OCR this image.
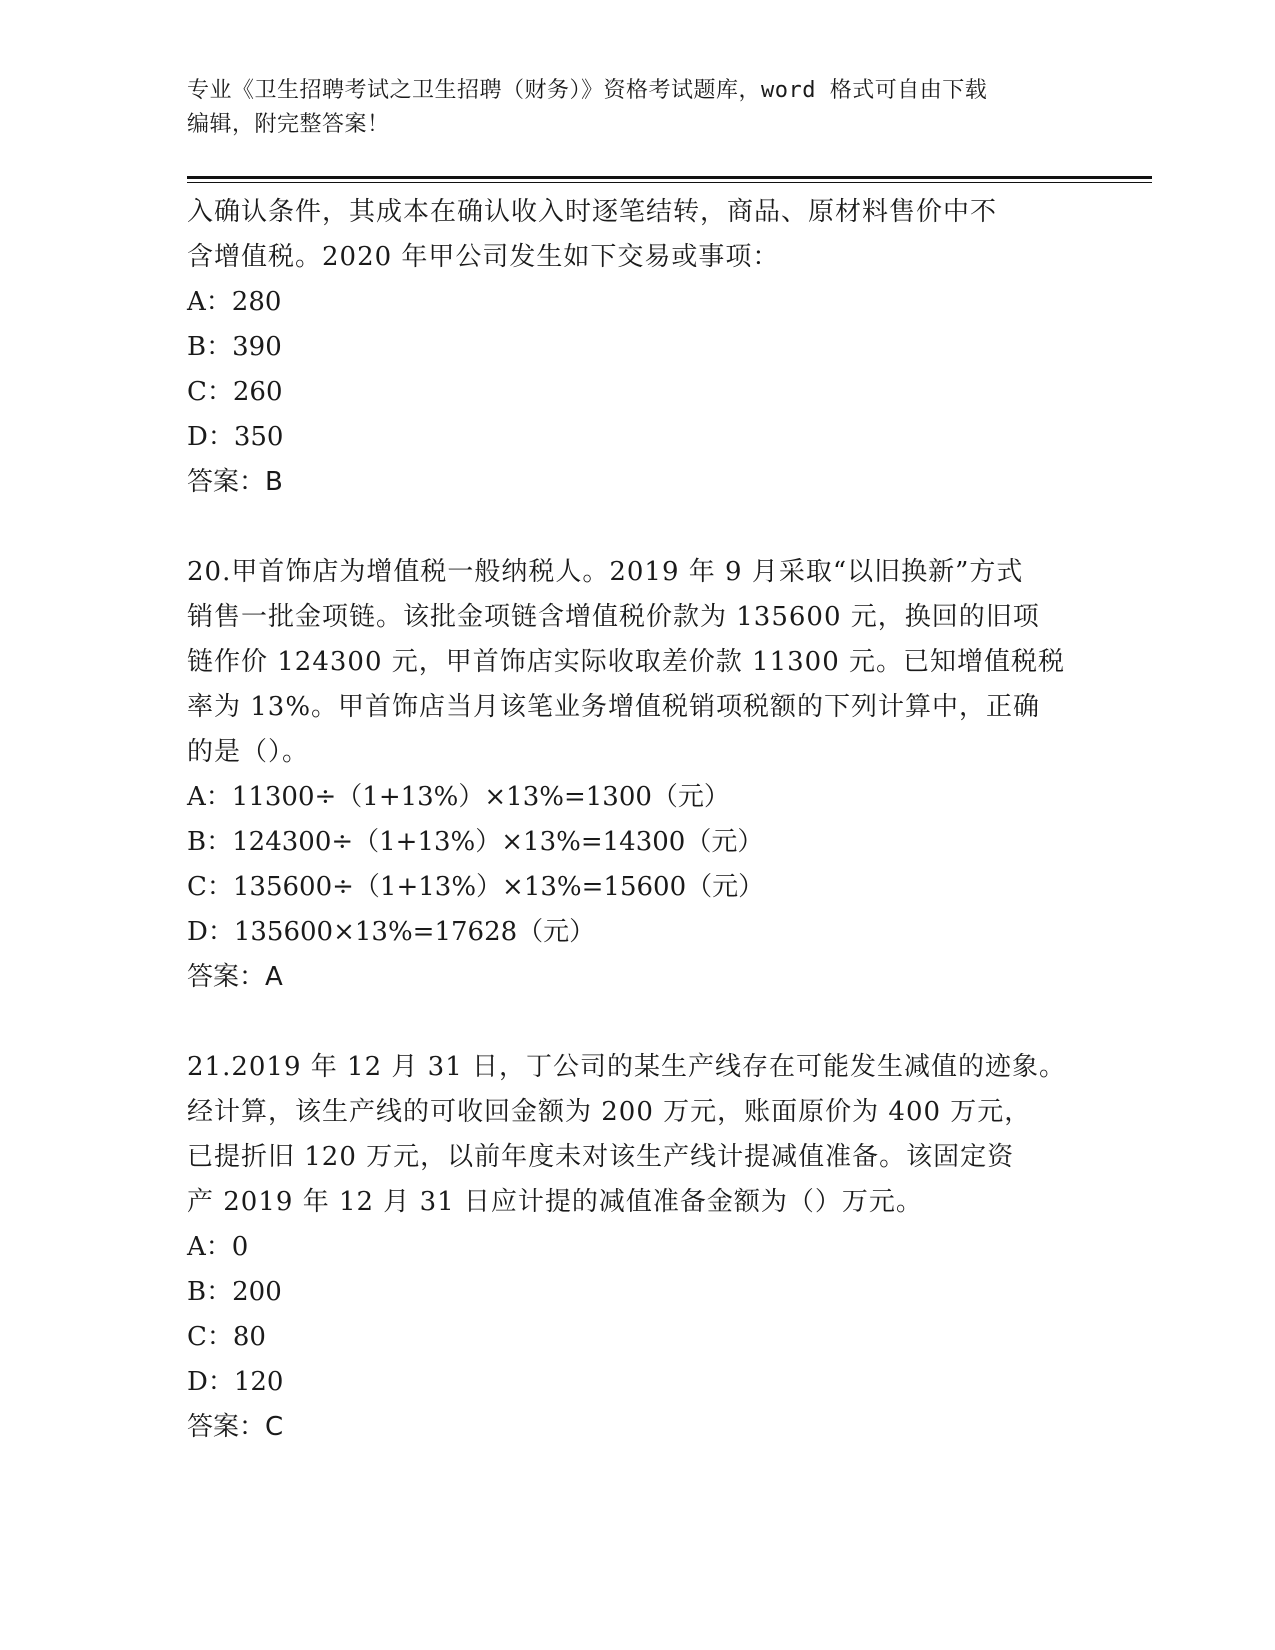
专业《卫生招聘考试之卫生招聘（财务）》资格考试题库，word 格式可自由下载
编辑，附完整答案！
入确认条件，其成本在确认收入时逐笔结转，商品、原材料售价中不
含增值税。2020 年甲公司发生如下交易或事项：
A：280
B：390
C：260
D：350
答案：B
20.甲首饰店为增值税一般纳税人。2019 年 9 月采取“以旧换新”方式
销售一批金项链。该批金项链含增值税价款为 135600 元，换回的旧项
链作价 124300 元，甲首饰店实际收取差价款 11300 元。已知增值税税
率为 13%。甲首饰店当月该笔业务增值税销项税额的下列计算中，正确
的是（）。
A：11300÷（1+13%）×13%=1300（元）
B：124300÷（1+13%）×13%=14300（元）
C：135600÷（1+13%）×13%=15600（元）
D：135600×13%=17628（元）
答案：A
21.2019 年 12 月 31 日，丁公司的某生产线存在可能发生减值的迹象。
经计算，该生产线的可收回金额为 200 万元，账面原价为 400 万元，
已提折旧 120 万元，以前年度未对该生产线计提减值准备。该固定资
产 2019 年 12 月 31 日应计提的减值准备金额为（）万元。
A：0
B：200
C：80
D：120
答案：C
